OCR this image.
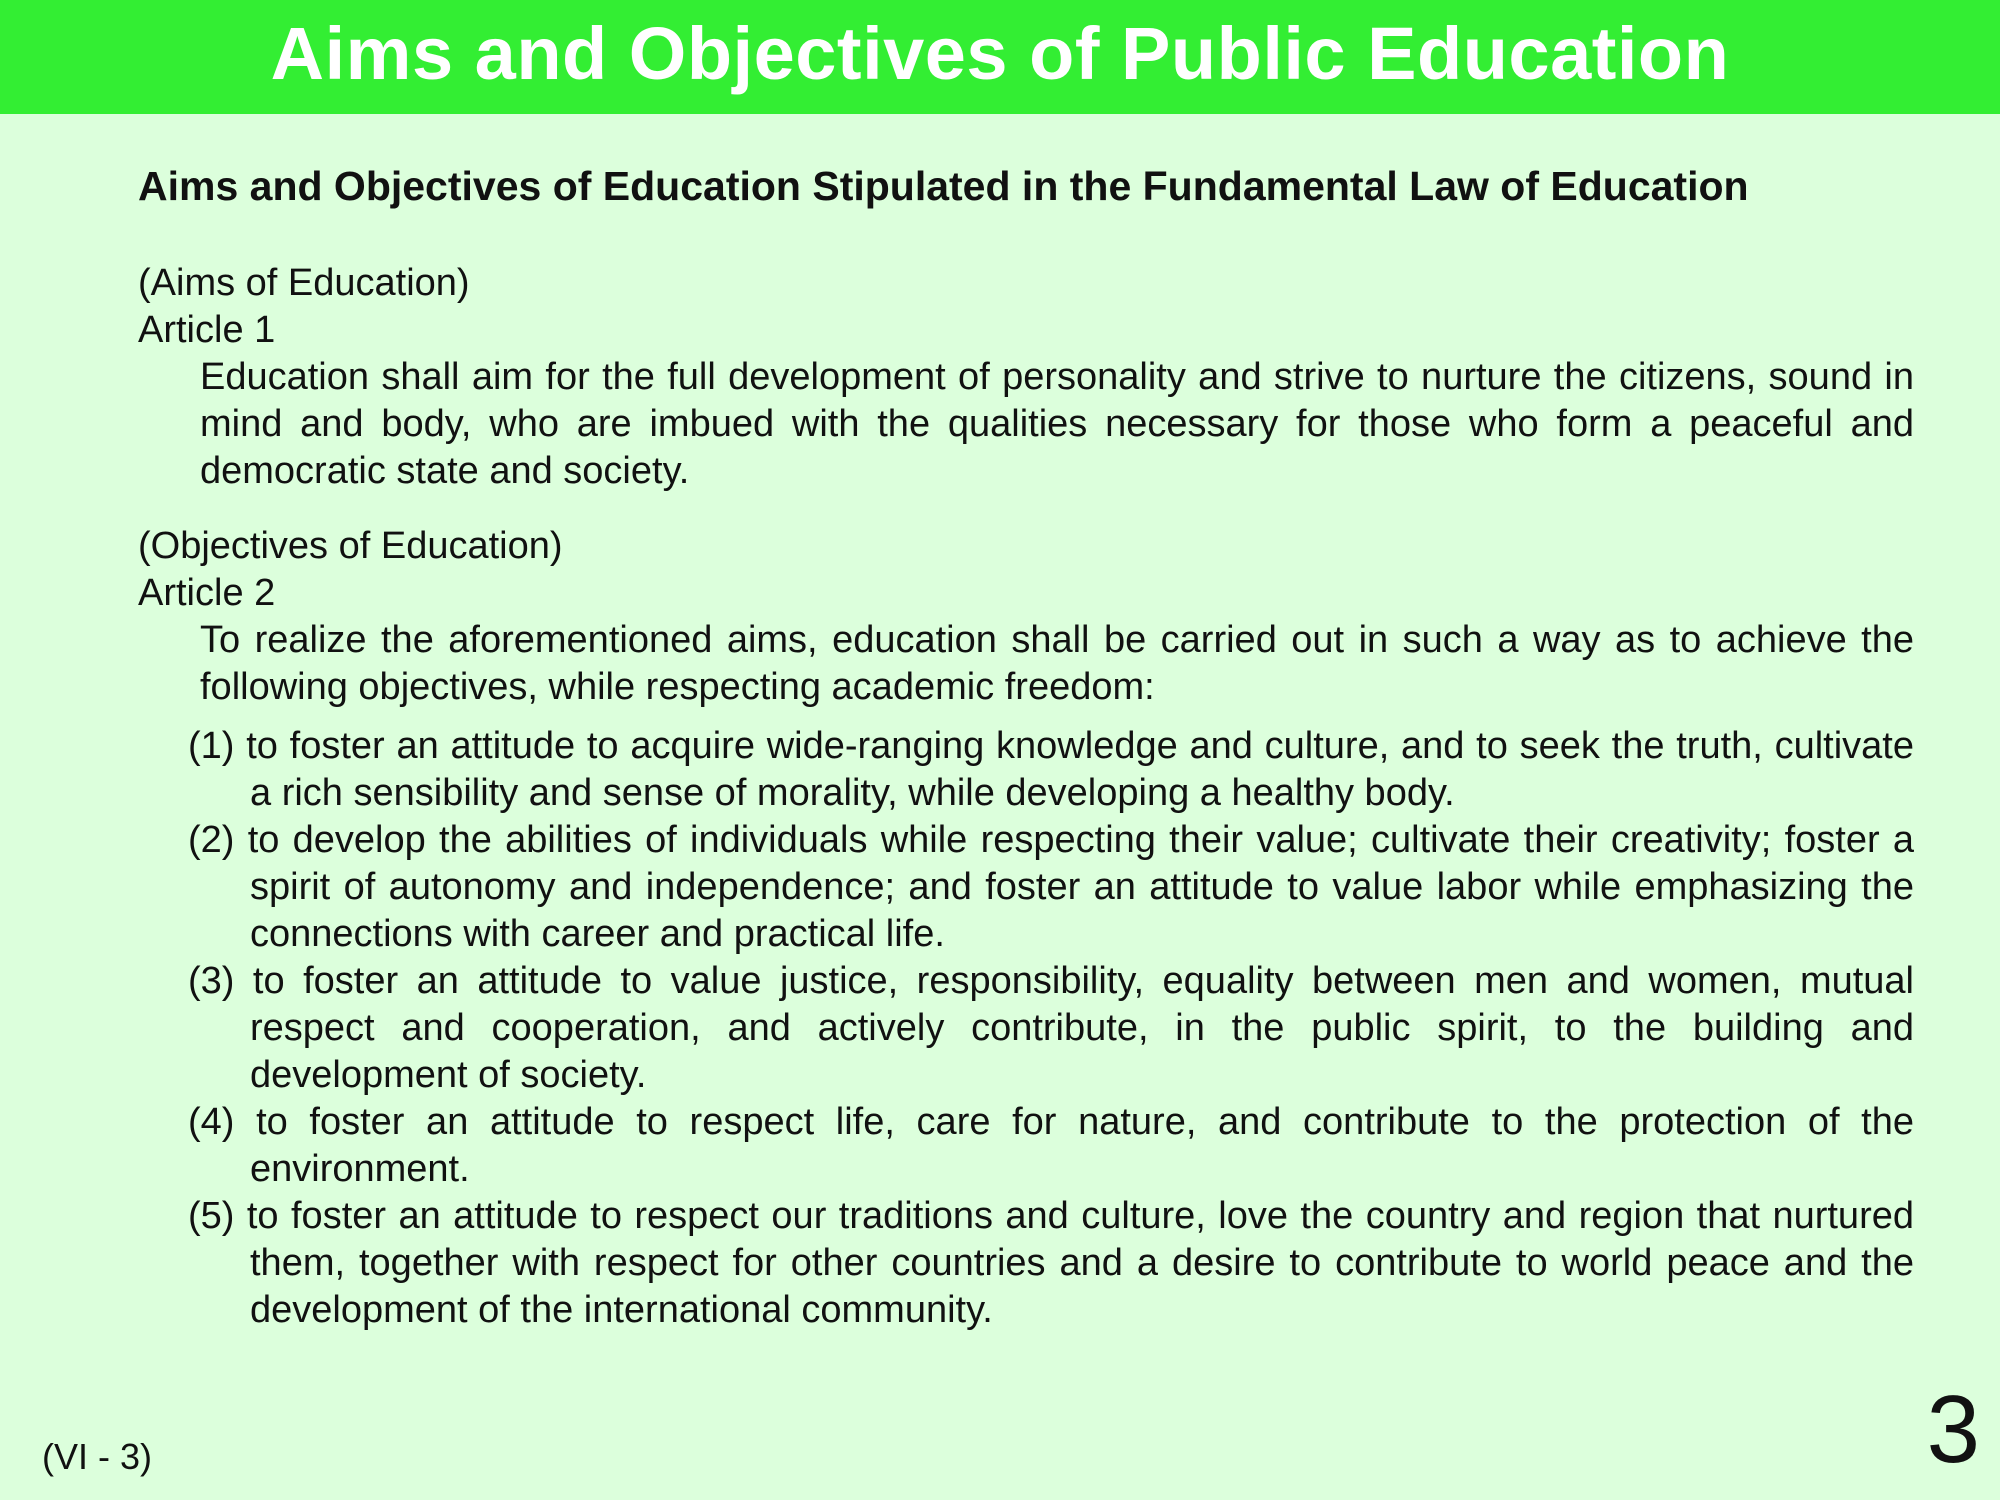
Aims and Objectives of Public Education
Aims and Objectives of Education Stipulated in the Fundamental Law of Education
(Aims of Education)
Article 1
Education shall aim for the full development of personality and strive to nurture the citizens, sound in mind and body, who are imbued with the qualities necessary for those who form a peaceful and democratic state and society.
(Objectives of Education)
Article 2
To realize the aforementioned aims, education shall be carried out in such a way as to achieve the following objectives, while respecting academic freedom:
(1) to foster an attitude to acquire wide-ranging knowledge and culture, and to seek the truth, cultivate a rich sensibility and sense of morality, while developing a healthy body.
(2) to develop the abilities of individuals while respecting their value; cultivate their creativity; foster a spirit of autonomy and independence; and foster an attitude to value labor while emphasizing the connections with career and practical life.
(3) to foster an attitude to value justice, responsibility, equality between men and women, mutual respect and cooperation, and actively contribute, in the public spirit, to the building and development of society.
(4) to foster an attitude to respect life, care for nature, and contribute to the protection of the environment.
(5) to foster an attitude to respect our traditions and culture, love the country and region that nurtured them, together with respect for other countries and a desire to contribute to world peace and the development of the international community.
(VI - 3)	3
